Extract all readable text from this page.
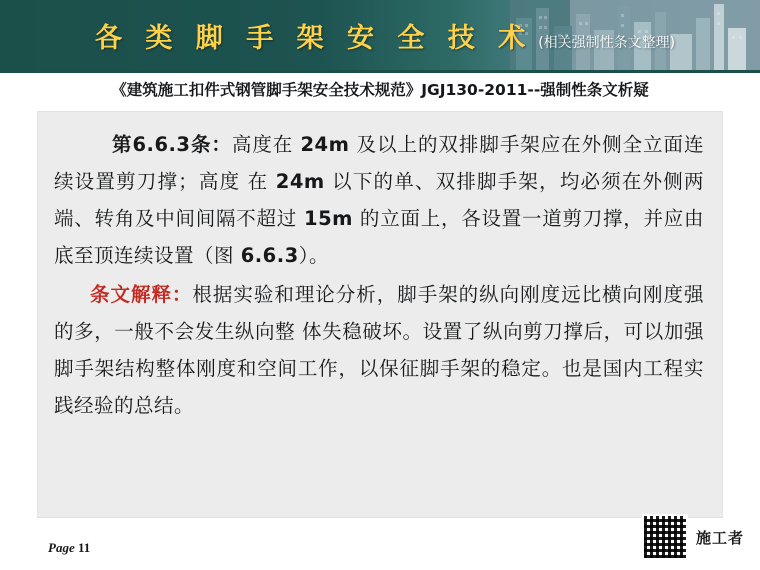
各 类 脚 手 架 安 全 技 术 (相关强制性条文整理)
《建筑施工扣件式钢管脚手架安全技术规范》JGJ130-2011--强制性条文析疑

第6.6.3条：高度在 24m 及以上的双排脚手架应在外侧全立面连续设置剪刀撑；高度 在 24m 以下的单、双排脚手架，均必须在外侧两端、转角及中间间隔不超过 15m 的立面上，各设置一道剪刀撑，并应由底至顶连续设置（图 6.6.3）。

条文解释：根据实验和理论分析，脚手架的纵向刚度远比横向刚度强的多，一般不会发生纵向整 体失稳破坏。设置了纵向剪刀撑后，可以加强脚手架结构整体刚度和空间工作，以保征脚手架的稳定。也是国内工程实践经验的总结。

Page 11
施工者
